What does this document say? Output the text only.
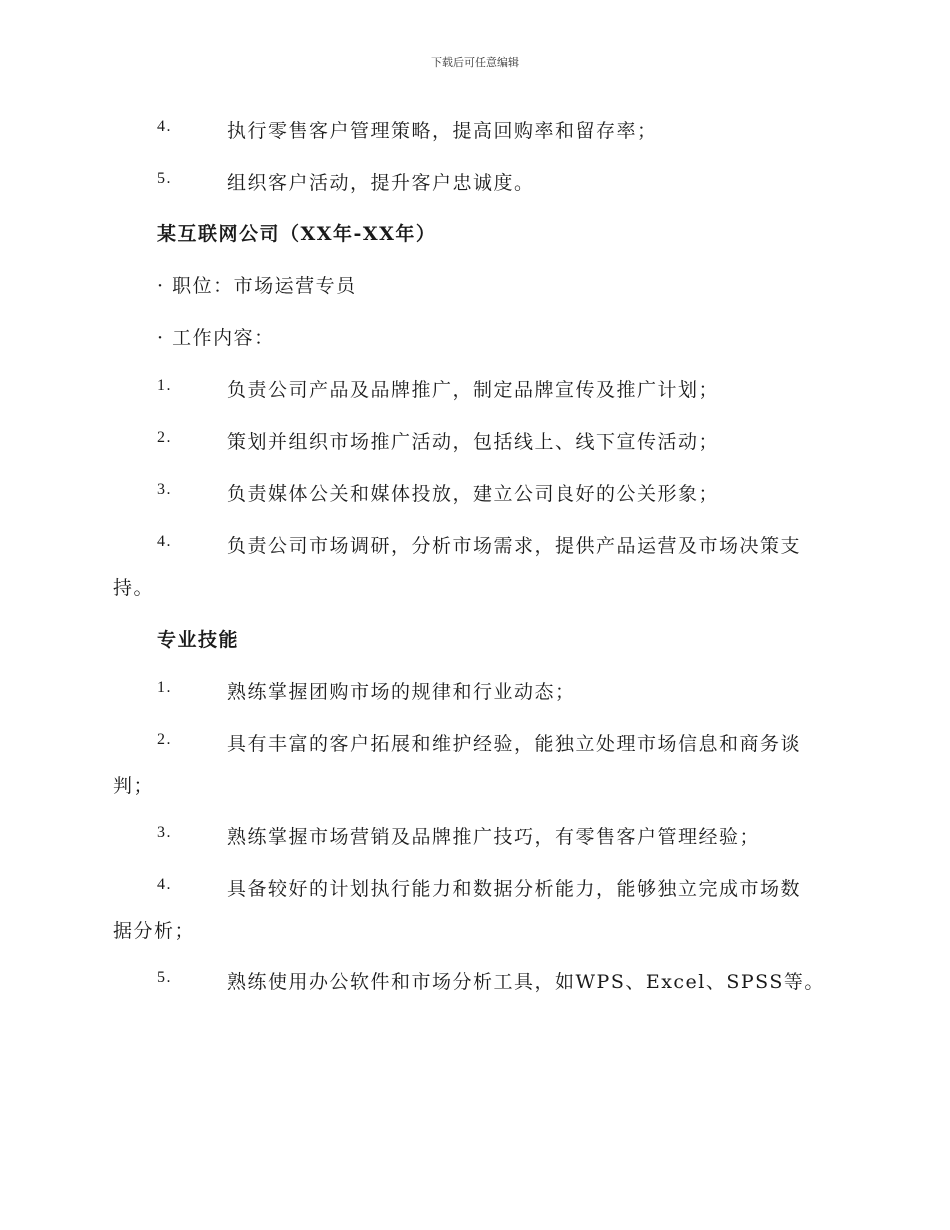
下载后可任意编辑
4.	执行零售客户管理策略，提高回购率和留存率；
5.	组织客户活动，提升客户忠诚度。
某互联网公司（XX年-XX年）
· 职位：市场运营专员
· 工作内容：
1.	负责公司产品及品牌推广，制定品牌宣传及推广计划；
2.	策划并组织市场推广活动，包括线上、线下宣传活动；
3.	负责媒体公关和媒体投放，建立公司良好的公关形象；
4.	负责公司市场调研，分析市场需求，提供产品运营及市场决策支
持。
专业技能
1.	熟练掌握团购市场的规律和行业动态；
2.	具有丰富的客户拓展和维护经验，能独立处理市场信息和商务谈
判；
3.	熟练掌握市场营销及品牌推广技巧，有零售客户管理经验；
4.	具备较好的计划执行能力和数据分析能力，能够独立完成市场数
据分析；
5.	熟练使用办公软件和市场分析工具，如WPS、Excel、SPSS等。
